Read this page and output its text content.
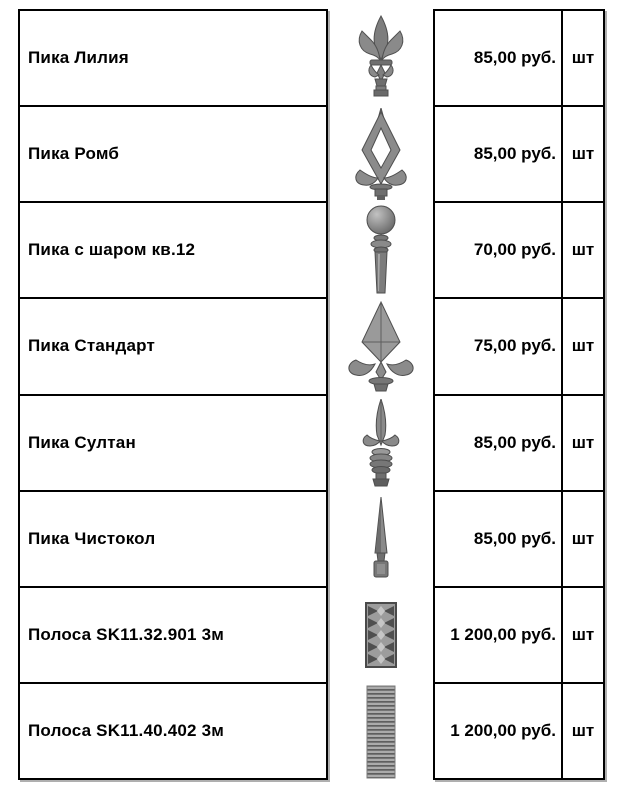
Пика Лилия
Пика Ромб
Пика с шаром кв.12
Пика Стандарт
Пика Султан
Пика Чистокол
Полоса SK11.32.901 3м
Полоса SK11.40.402 3м
85,00 руб. шт
85,00 руб. шт
70,00 руб. шт
75,00 руб. шт
85,00 руб. шт
85,00 руб. шт
1 200,00 руб. шт
1 200,00 руб. шт
